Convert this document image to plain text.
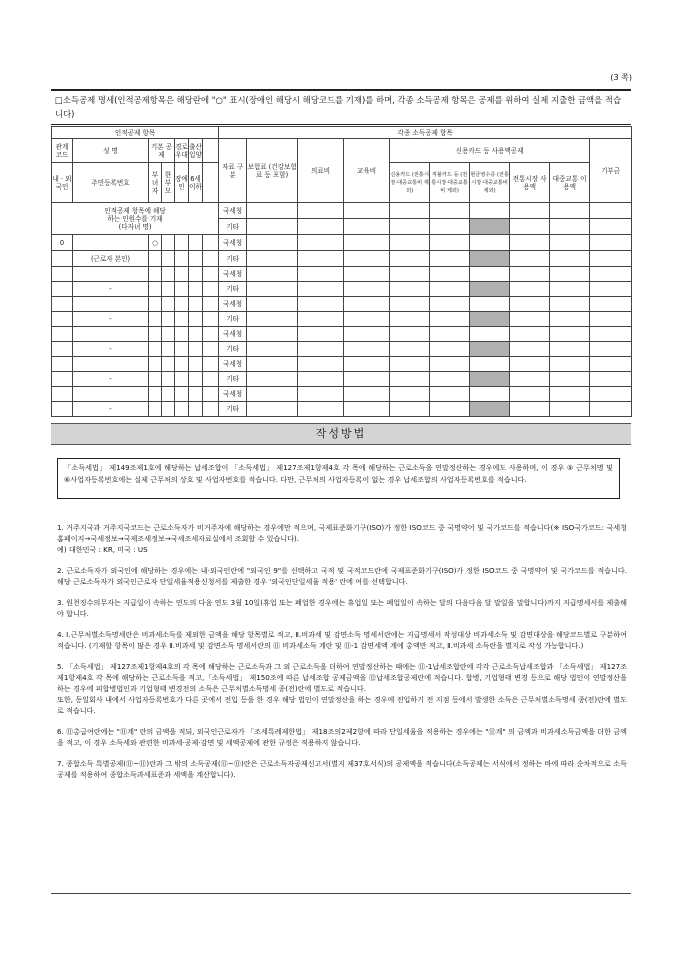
(3 쪽)
□소득공제 명세(인적공제항목은 해당란에 "○" 표시(장애인 해당시 해당코드를 기재)를 하며, 각종 소득공제 항목은 공제를 위하여 실제 지출한 금액을 적습니다)
인적공제 항목							각종 소득공제 항목									
관계 코드	성 명	기본 공제		경로 우대	출산 입양		자료 구분	보험료 (건강보험료 등 포함)	의료비	교육비	신용카드 등 사용액공제					기부금
내 · 외 국인	주민등록번호	부 녀 자	한 부 모	장애인	6세 이하						신용카드 (전통시장·대중교통비 제외)	직불카드 등 (전통시장·대중교통비 제외)	현금영수증 (전통시장·대중교통비 제외)	전통시장 사용액	대중교통 이용액	

인적공제 항목에 해당
하는 인원수를 기재
(다자녀 명)							국세청									
							기타									
0		○					국세청									
	(근로자 본인)						기타									
							국세청									
	-						기타									
							국세청									
	-						기타									
							국세청									
	-						기타									
							국세청									
	-						기타									
							국세청									
	-						기타									
작성방법
「소득세법」 제149조제1호에 해당하는 납세조합이 「소득세법」 제127조제1항제4호 각 목에 해당하는 근로소득을 연말정산하는 경우에도 사용하며, 이 경우 ⑤ 근무처명 및 ⑥사업자등록번호에는 실제 근무처의 상호 및 사업자번호를 적습니다. 다만, 근무처의 사업자등록이 없는 경우 납세조합의 사업자등록번호를 적습니다.

1. 거주지국과 거주지국코드는 근로소득자가 비거주자에 해당하는 경우에만 적으며, 국제표준화기구(ISO)가 정한 ISO코드 중 국명약어 및 국가코드를 적습니다(※ ISO국가코드: 국세청홈페이지→국세정보→국제조세정보→국세조세자료실에서 조회할 수 있습니다).

예) 대한민국 : KR, 미국 : US

2. 근로소득자가 외국인에 해당하는 경우에는 내·외국인란에 "외국인 9"를 선택하고 국적 및 국적코드란에 국제표준화기구(ISO)가 정한 ISO코드 중 국명약어 및 국가코드를 적습니다. 해당 근로소득자가 외국인근로자 단일세율적용신청서를 제출한 경우 '외국인단일세율 적용' 란에 여를 선택합니다.

3. 원천징수의무자는 지급일이 속하는 연도의 다음 연도 3월 10일(휴업 또는 폐업한 경우에는 휴업일 또는 폐업일이 속하는 달의 다음다음 달 말일을 말합니다)까지 지급명세서를 제출해야 합니다.

4. Ⅰ.근무처별소득명세란은 비과세소득를 제외한 금액을 해당 항목별로 적고, Ⅱ.비과세 및 감면소득 명세서란에는 지급명세서 작성대상 비과세소득 및 감면대상을 해당코드별로 구분하여 적습니다. (기재할 항목이 많은 경우 Ⅱ.비과세 및 감면소득 명세서란의 ⑪ 비과세소득 계란 및 ⑪-1 감면세액 계에 총액만 적고, Ⅱ.비과세 소득란을 별지로 작성 가능합니다.)

5. 「소득세법」 제127조제1항제4호의 각 목에 해당하는 근로소득과 그 외 근로소득을 더하여 연말정산하는 때에는 ⑪-1납세조합란에 각각 근로소득납세조합과 「소득세법」 제127조제1항제4호 각 목에 해당하는 근로소득을 적고,「소득세법」 제150조에 따른 납세조합 공제금액을 ⑫납세조합공제란에 적습니다. 합병, 기업형태 변경 등으로 해당 법인이 연말정산을 하는 경우에 피합병법인과 기업형태 변경전의 소득은 근무처별소득명세 종(전)란에 별도로 적습니다.

또한, 동일회사 내에서 사업자등록번호가 다른 곳에서 전입 등을 한 경우 해당 법인이 연말정산을 하는 경우에 전입하기 전 지점 등에서 발생한 소득은 근무처별소득명세 종(전)란에 별도로 적습니다.

6. ⑪총급여란에는 "⑪계" 란의 금액을 적되, 외국인근로자가 「조세특례제한법」 제18조의2제2항에 따라 단일세율을 적용하는 경우에는 "⑪계" 의 금액과 비과세소득금액을 더한 금액을 적고, 이 경우 소득세와 관련한 비과세·공제·감면 및 세액공제에 관한 규정은 적용하지 않습니다.

7. 종합소득 특별공제(⑪~⑪)란과 그 밖의 소득공제(⑪~⑪)란은 근로소득자공제신고서(별지 제37호서식)의 공제액을 적습니다(소득공제는 서식에서 정하는 바에 따라 순차적으로 소득공제를 적용하여 종합소득과세표준과 세액을 계산합니다).
